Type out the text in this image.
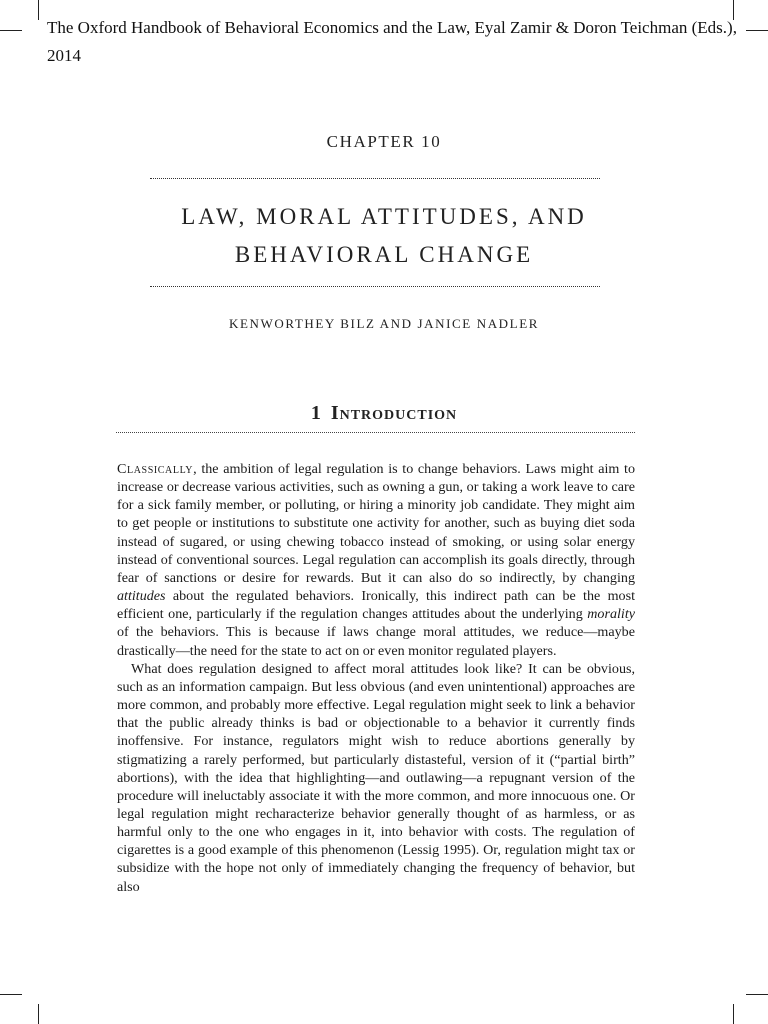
The Oxford Handbook of Behavioral Economics and the Law, Eyal Zamir & Doron Teichman (Eds.), 2014
CHAPTER 10
LAW, MORAL ATTITUDES, AND
BEHAVIORAL CHANGE
KENWORTHEY BILZ AND JANICE NADLER
1 Introduction

Classically, the ambition of legal regulation is to change behaviors. Laws might aim to increase or decrease various activities, such as owning a gun, or taking a work leave to care for a sick family member, or polluting, or hiring a minority job candidate. They might aim to get people or institutions to substitute one activity for another, such as buying diet soda instead of sugared, or using chewing tobacco instead of smoking, or using solar energy instead of conventional sources. Legal regulation can accomplish its goals directly, through fear of sanctions or desire for rewards. But it can also do so indirectly, by changing attitudes about the regulated behaviors. Ironically, this indirect path can be the most efficient one, particularly if the regulation changes attitudes about the underlying morality of the behaviors. This is because if laws change moral attitudes, we reduce—maybe drastically—the need for the state to act on or even monitor regulated players.

What does regulation designed to affect moral attitudes look like? It can be obvious, such as an information campaign. But less obvious (and even unintentional) approaches are more common, and probably more effective. Legal regulation might seek to link a behavior that the public already thinks is bad or objectionable to a behavior it currently finds inoffensive. For instance, regulators might wish to reduce abortions generally by stigmatizing a rarely performed, but particularly distasteful, version of it (“partial birth” abortions), with the idea that highlighting—and outlawing—a repugnant version of the procedure will ineluctably associate it with the more common, and more innocuous one. Or legal regulation might recharacterize behavior generally thought of as harmless, or as harmful only to the one who engages in it, into behavior with costs. The regulation of cigarettes is a good example of this phenomenon (Lessig 1995). Or, regulation might tax or subsidize with the hope not only of immediately changing the frequency of behavior, but also
